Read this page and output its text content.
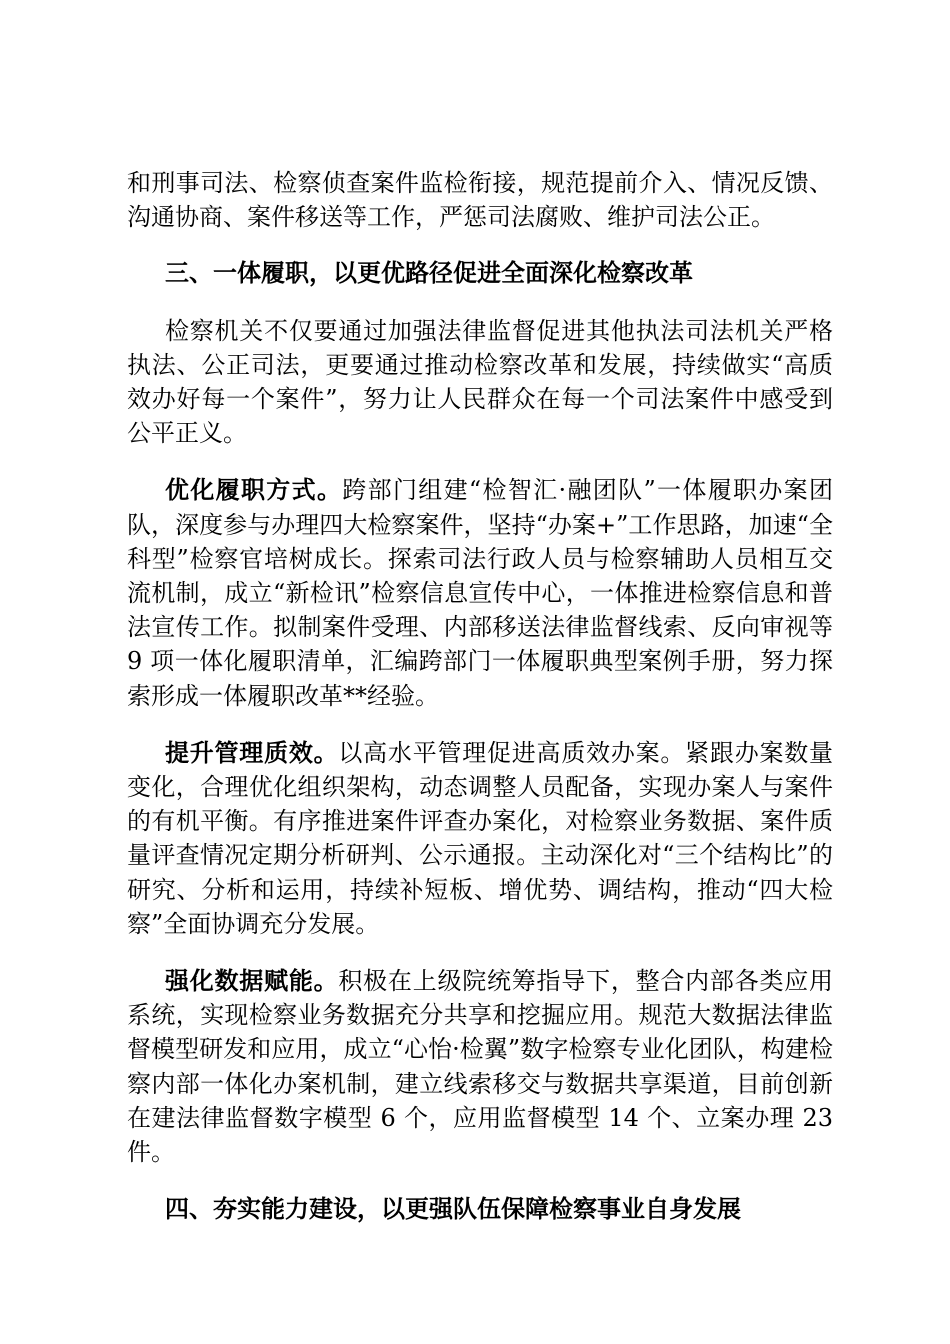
和刑事司法、检察侦查案件监检衔接，规范提前介入、情况反馈、沟通协商、案件移送等工作，严惩司法腐败、维护司法公正。

三、一体履职，以更优路径促进全面深化检察改革

检察机关不仅要通过加强法律监督促进其他执法司法机关严格执法、公正司法，更要通过推动检察改革和发展，持续做实“高质效办好每一个案件”，努力让人民群众在每一个司法案件中感受到公平正义。

优化履职方式。跨部门组建“检智汇·融团队”一体履职办案团队，深度参与办理四大检察案件，坚持“办案+”工作思路，加速“全科型”检察官培树成长。探索司法行政人员与检察辅助人员相互交流机制，成立“新检讯”检察信息宣传中心，一体推进检察信息和普法宣传工作。拟制案件受理、内部移送法律监督线索、反向审视等 9 项一体化履职清单，汇编跨部门一体履职典型案例手册，努力探索形成一体履职改革**经验。

提升管理质效。以高水平管理促进高质效办案。紧跟办案数量变化，合理优化组织架构，动态调整人员配备，实现办案人与案件的有机平衡。有序推进案件评查办案化，对检察业务数据、案件质量评查情况定期分析研判、公示通报。主动深化对“三个结构比”的研究、分析和运用，持续补短板、增优势、调结构，推动“四大检察”全面协调充分发展。

强化数据赋能。积极在上级院统筹指导下，整合内部各类应用系统，实现检察业务数据充分共享和挖掘应用。规范大数据法律监督模型研发和应用，成立“心怡·检翼”数字检察专业化团队，构建检察内部一体化办案机制，建立线索移交与数据共享渠道，目前创新在建法律监督数字模型 6 个，应用监督模型 14 个、立案办理 23 件。

四、夯实能力建设，以更强队伍保障检察事业自身发展
